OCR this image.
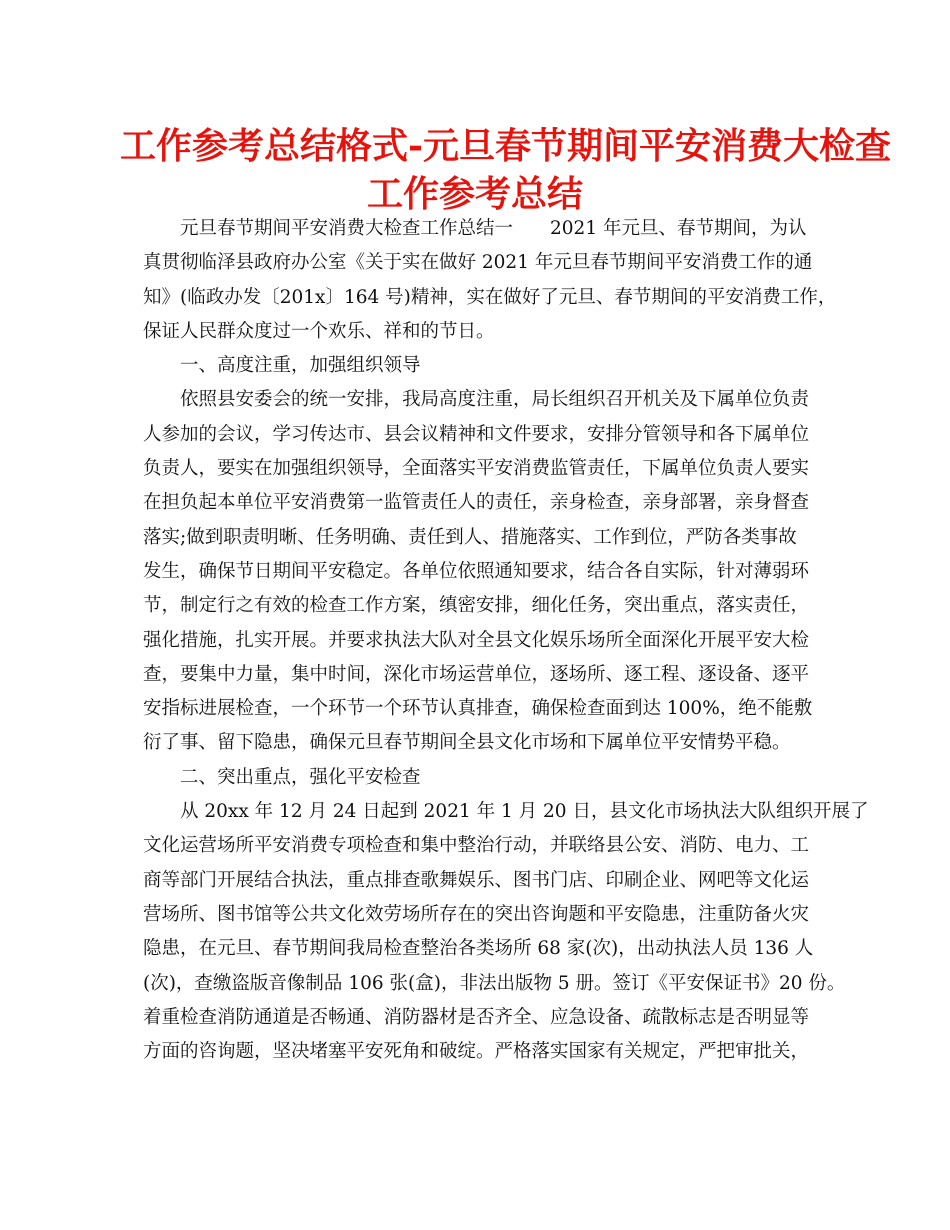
工作参考总结格式-元旦春节期间平安消费大检查
工作参考总结
元旦春节期间平安消费大检查工作总结一　　2021 年元旦、春节期间，为认
真贯彻临泽县政府办公室《关于实在做好 2021 年元旦春节期间平安消费工作的通
知》(临政办发〔201x〕164 号)精神，实在做好了元旦、春节期间的平安消费工作，
保证人民群众度过一个欢乐、祥和的节日。
一、高度注重，加强组织领导
依照县安委会的统一安排，我局高度注重，局长组织召开机关及下属单位负责
人参加的会议，学习传达市、县会议精神和文件要求，安排分管领导和各下属单位
负责人，要实在加强组织领导，全面落实平安消费监管责任，下属单位负责人要实
在担负起本单位平安消费第一监管责任人的责任，亲身检查，亲身部署，亲身督查
落实;做到职责明晰、任务明确、责任到人、措施落实、工作到位，严防各类事故
发生，确保节日期间平安稳定。各单位依照通知要求，结合各自实际，针对薄弱环
节，制定行之有效的检查工作方案，缜密安排，细化任务，突出重点，落实责任，
强化措施，扎实开展。并要求执法大队对全县文化娱乐场所全面深化开展平安大检
查，要集中力量，集中时间，深化市场运营单位，逐场所、逐工程、逐设备、逐平
安指标进展检查，一个环节一个环节认真排查，确保检查面到达 100%，绝不能敷
衍了事、留下隐患，确保元旦春节期间全县文化市场和下属单位平安情势平稳。
二、突出重点，强化平安检查
从 20xx 年 12 月 24 日起到 2021 年 1 月 20 日，县文化市场执法大队组织开展了
文化运营场所平安消费专项检查和集中整治行动，并联络县公安、消防、电力、工
商等部门开展结合执法，重点排查歌舞娱乐、图书门店、印刷企业、网吧等文化运
营场所、图书馆等公共文化效劳场所存在的突出咨询题和平安隐患，注重防备火灾
隐患，在元旦、春节期间我局检查整治各类场所 68 家(次)，出动执法人员 136 人
(次)，查缴盗版音像制品 106 张(盒)，非法出版物 5 册。签订《平安保证书》20 份。
着重检查消防通道是否畅通、消防器材是否齐全、应急设备、疏散标志是否明显等
方面的咨询题，坚决堵塞平安死角和破绽。严格落实国家有关规定，严把审批关，
